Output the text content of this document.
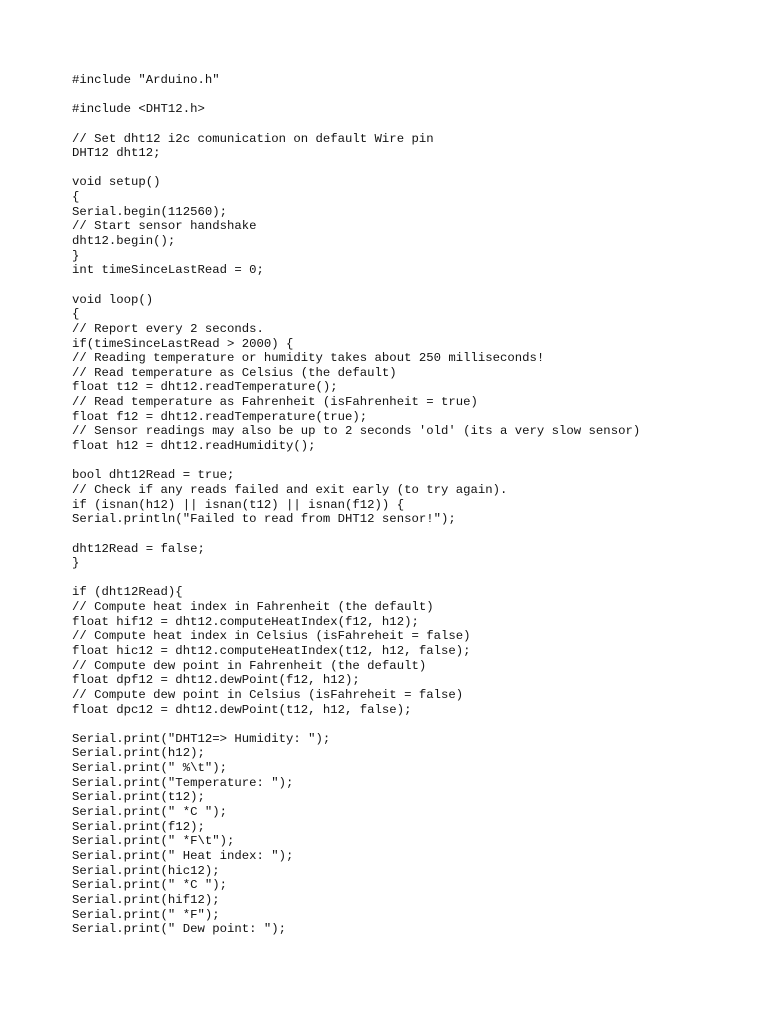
#include "Arduino.h"
#include <DHT12.h>
// Set dht12 i2c comunication on default Wire pin
DHT12 dht12;
void setup()
{
Serial.begin(112560);
// Start sensor handshake
dht12.begin();
}
int timeSinceLastRead = 0;
void loop()
{
// Report every 2 seconds.
if(timeSinceLastRead > 2000) {
// Reading temperature or humidity takes about 250 milliseconds!
// Read temperature as Celsius (the default)
float t12 = dht12.readTemperature();
// Read temperature as Fahrenheit (isFahrenheit = true)
float f12 = dht12.readTemperature(true);
// Sensor readings may also be up to 2 seconds 'old' (its a very slow sensor)
float h12 = dht12.readHumidity();
bool dht12Read = true;
// Check if any reads failed and exit early (to try again).
if (isnan(h12) || isnan(t12) || isnan(f12)) {
Serial.println("Failed to read from DHT12 sensor!");
dht12Read = false;
}
if (dht12Read){
// Compute heat index in Fahrenheit (the default)
float hif12 = dht12.computeHeatIndex(f12, h12);
// Compute heat index in Celsius (isFahreheit = false)
float hic12 = dht12.computeHeatIndex(t12, h12, false);
// Compute dew point in Fahrenheit (the default)
float dpf12 = dht12.dewPoint(f12, h12);
// Compute dew point in Celsius (isFahreheit = false)
float dpc12 = dht12.dewPoint(t12, h12, false);
Serial.print("DHT12=> Humidity: ");
Serial.print(h12);
Serial.print(" %\t");
Serial.print("Temperature: ");
Serial.print(t12);
Serial.print(" *C ");
Serial.print(f12);
Serial.print(" *F\t");
Serial.print(" Heat index: ");
Serial.print(hic12);
Serial.print(" *C ");
Serial.print(hif12);
Serial.print(" *F");
Serial.print(" Dew point: ");
